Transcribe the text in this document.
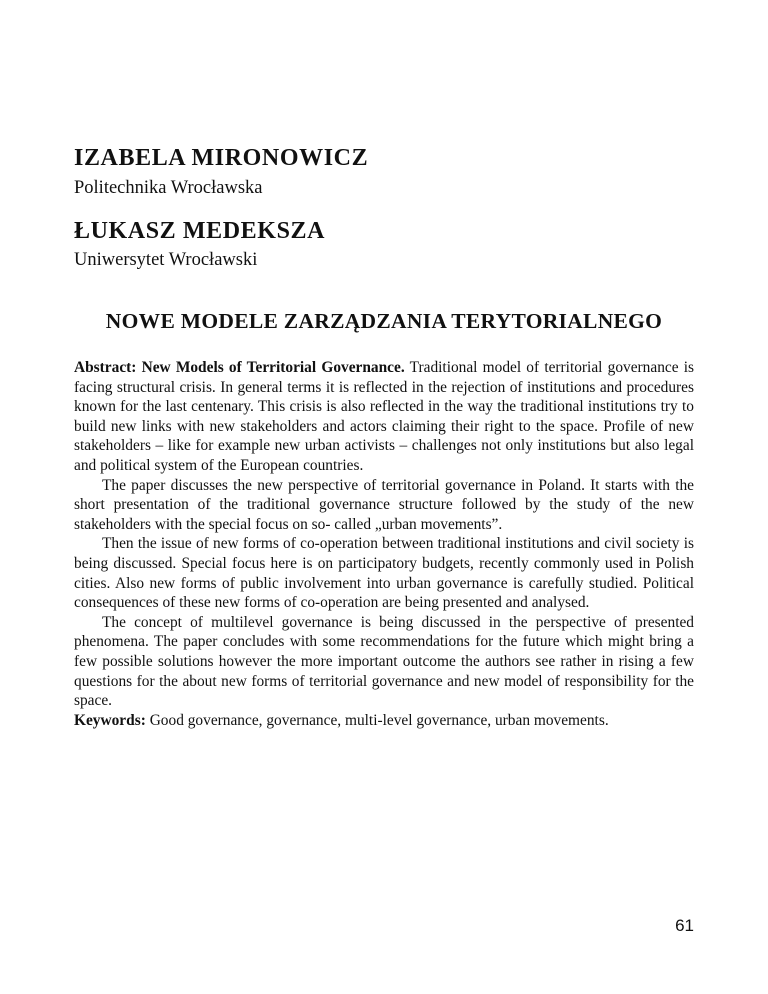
IZABELA MIRONOWICZ
Politechnika Wrocławska
ŁUKASZ MEDEKSZA
Uniwersytet Wrocławski
NOWE MODELE ZARZĄDZANIA TERYTORIALNEGO

Abstract: New Models of Territorial Governance. Traditional model of territorial governance is facing structural crisis. In general terms it is reflected in the rejection of institutions and procedures known for the last centenary. This crisis is also reflected in the way the traditional institutions try to build new links with new stakeholders and actors claiming their right to the space. Profile of new stakeholders – like for example new urban activists – challenges not only institutions but also legal and political system of the European countries.

The paper discusses the new perspective of territorial governance in Poland. It starts with the short presentation of the traditional governance structure followed by the study of the new stakeholders with the special focus on so- called „urban movements”.

Then the issue of new forms of co-operation between traditional institutions and civil society is being discussed. Special focus here is on participatory budgets, recently commonly used in Polish cities. Also new forms of public involvement into urban governance is carefully studied. Political consequences of these new forms of co-operation are being presented and analysed.

The concept of multilevel governance is being discussed in the perspective of presented phenomena. The paper concludes with some recommendations for the future which might bring a few possible solutions however the more important outcome the authors see rather in rising a few questions for the about new forms of territorial governance and new model of responsibility for the space.

Keywords: Good governance, governance, multi-level governance, urban movements.

61
